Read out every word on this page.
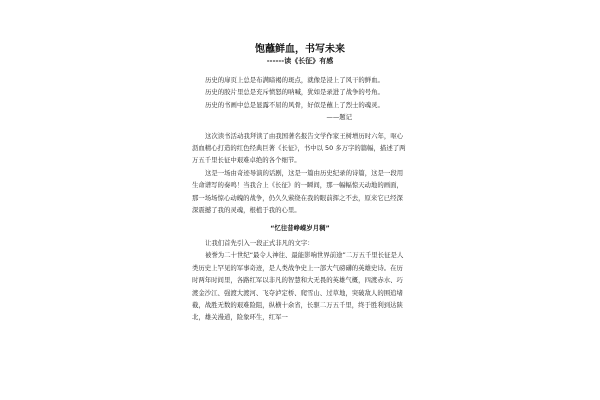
饱蘸鲜血，书写未来
------读《长征》有感

历史的扉页上总是布满暗褐的斑点，就像是浸上了风干的鲜血。

历史的胶片里总是充斥愤怒的呐喊，犹如是录进了战争的号角。

历史的书画中总是显露不屈的风骨，好似是蘸上了烈士的魂灵。

——题记

这次读书活动我拜读了由我国著名报告文学作家王树增历时六年，呕心沥血精心打造的红色经典巨著《长征》，书中以 50 多万字的篇幅，描述了两万五千里长征中艰难卓绝的各个细节。

这是一场由奇迹导演的话剧，这是一篇由历史纪录的诗篇，这是一段用生命谱写的奏鸣！当我合上《长征》的一瞬间，那一幅幅惊天动地的画面，那一场场惊心动魄的战争，仍久久萦绕在我的眼前挥之不去，原来它已经深深震撼了我的灵魂，根植于我的心里。

“忆往昔峥嵘岁月稠”

让我们首先引入一段正式非凡的文字：

被誉为二十世纪“最令人神往、最能影响世界前途”二万五千里长征是人类历史上罕见的军事奇迹，是人类战争史上一部大气磅礴的英雄史诗。在历时两年时间里，各路红军以非凡的智慧和大无畏的英雄气概，四渡赤水、巧渡金沙江、强渡大渡河、飞夺泸定桥、爬雪山、过草地，突破敌人的围追堵截，战胜无数的艰难险阻，纵横十余省，长驱二万五千里，终于胜利到达陕北，雄关漫道，险象环生，红军一
